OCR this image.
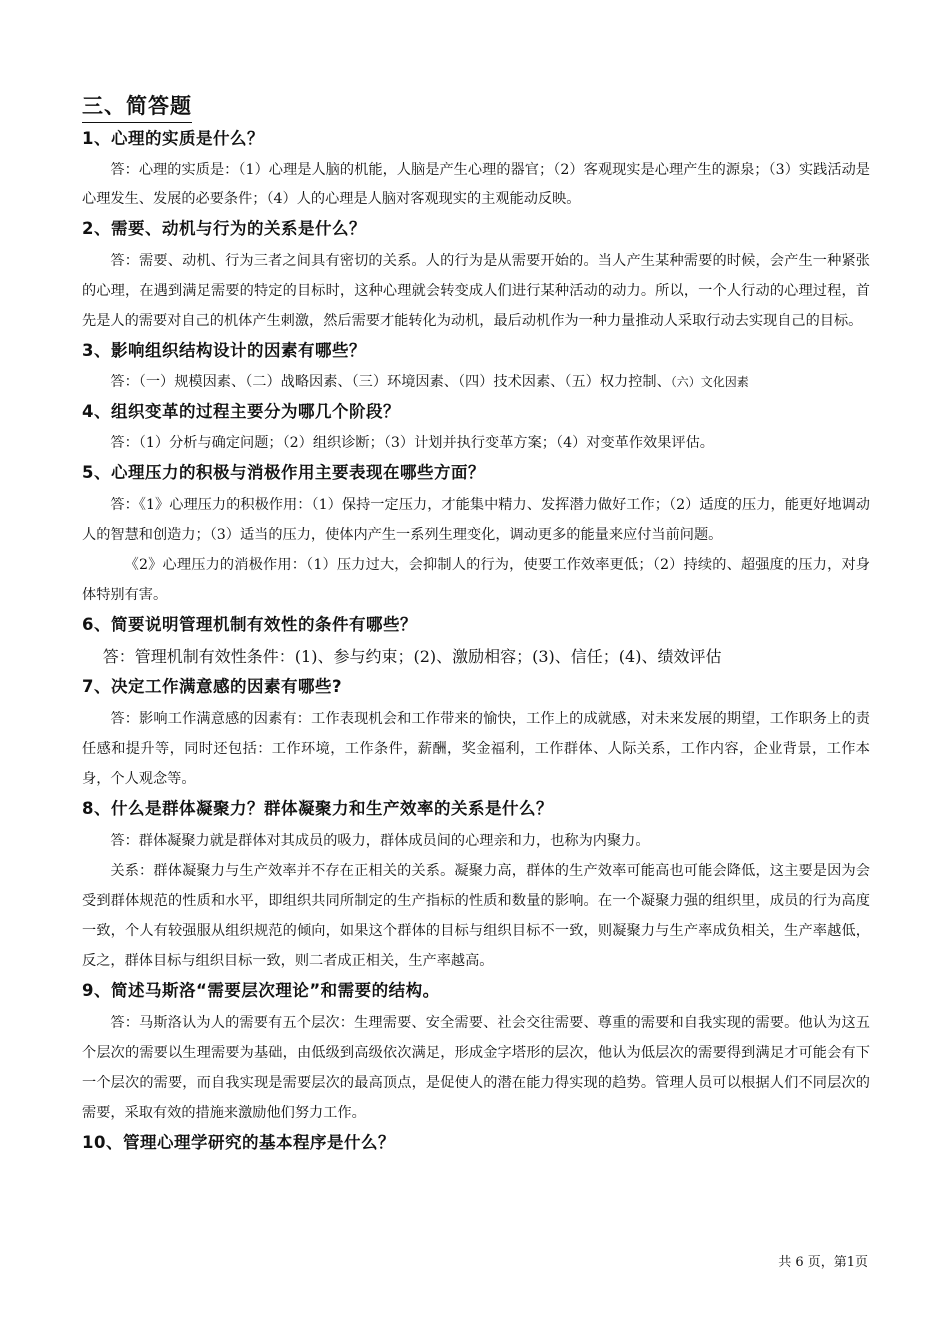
三、简答题
1、心理的实质是什么？

答：心理的实质是：（1）心理是人脑的机能，人脑是产生心理的器官；（2）客观现实是心理产生的源泉；（3）实践活动是心理发生、发展的必要条件；（4）人的心理是人脑对客观现实的主观能动反映。

2、需要、动机与行为的关系是什么？

答：需要、动机、行为三者之间具有密切的关系。人的行为是从需要开始的。当人产生某种需要的时候，会产生一种紧张的心理，在遇到满足需要的特定的目标时，这种心理就会转变成人们进行某种活动的动力。所以，一个人行动的心理过程，首先是人的需要对自己的机体产生刺激，然后需要才能转化为动机，最后动机作为一种力量推动人采取行动去实现自己的目标。

3、影响组织结构设计的因素有哪些？

答：（一）规模因素、（二）战略因素、（三）环境因素、（四）技术因素、（五）权力控制、（六）文化因素

4、组织变革的过程主要分为哪几个阶段？

答：（1）分析与确定问题；（2）组织诊断；（3）计划并执行变革方案；（4）对变革作效果评估。

5、心理压力的积极与消极作用主要表现在哪些方面？

答：《1》心理压力的积极作用：（1）保持一定压力，才能集中精力、发挥潜力做好工作；（2）适度的压力，能更好地调动人的智慧和创造力；（3）适当的压力，使体内产生一系列生理变化，调动更多的能量来应付当前问题。

《2》心理压力的消极作用：（1）压力过大，会抑制人的行为，使要工作效率更低；（2）持续的、超强度的压力，对身体特别有害。

6、简要说明管理机制有效性的条件有哪些？

答：管理机制有效性条件：(1)、参与约束；(2)、激励相容；(3)、信任；(4)、绩效评估

7、决定工作满意感的因素有哪些?

答：影响工作满意感的因素有：工作表现机会和工作带来的愉快，工作上的成就感，对未来发展的期望，工作职务上的责任感和提升等，同时还包括：工作环境，工作条件，薪酬，奖金福利，工作群体、人际关系，工作内容，企业背景，工作本身，个人观念等。

8、什么是群体凝聚力？群体凝聚力和生产效率的关系是什么？

答：群体凝聚力就是群体对其成员的吸力，群体成员间的心理亲和力，也称为内聚力。

关系：群体凝聚力与生产效率并不存在正相关的关系。凝聚力高，群体的生产效率可能高也可能会降低，这主要是因为会受到群体规范的性质和水平，即组织共同所制定的生产指标的性质和数量的影响。在一个凝聚力强的组织里，成员的行为高度一致，个人有较强服从组织规范的倾向，如果这个群体的目标与组织目标不一致，则凝聚力与生产率成负相关，生产率越低，反之，群体目标与组织目标一致，则二者成正相关，生产率越高。

9、简述马斯洛“需要层次理论”和需要的结构。

答：马斯洛认为人的需要有五个层次：生理需要、安全需要、社会交往需要、尊重的需要和自我实现的需要。他认为这五个层次的需要以生理需要为基础，由低级到高级依次满足，形成金字塔形的层次，他认为低层次的需要得到满足才可能会有下一个层次的需要，而自我实现是需要层次的最高顶点，是促使人的潜在能力得实现的趋势。管理人员可以根据人们不同层次的需要，采取有效的措施来激励他们努力工作。

10、管理心理学研究的基本程序是什么？
共 6 页，第1页
